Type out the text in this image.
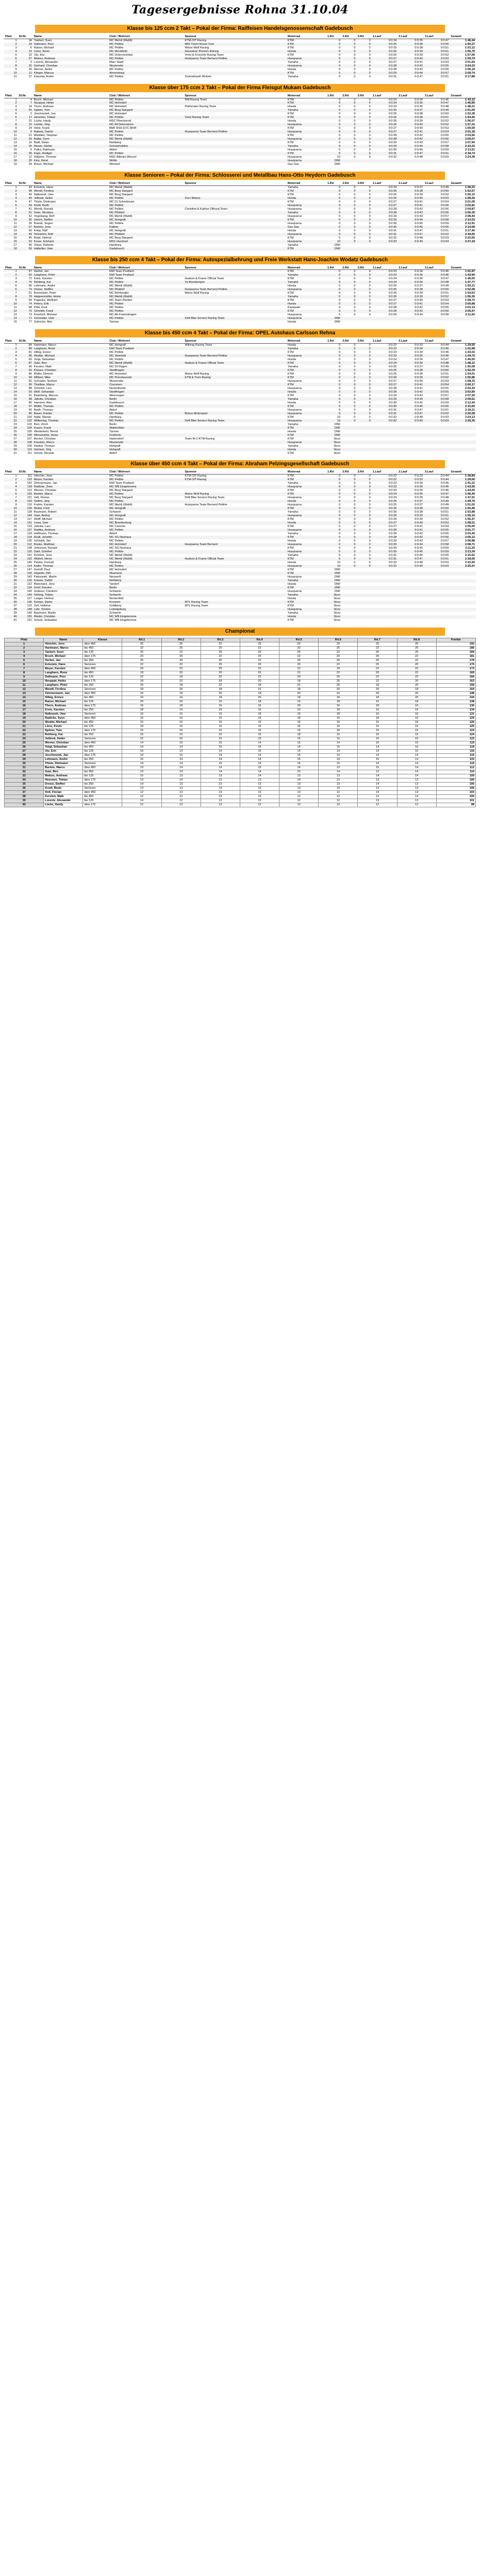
Tagesergebnisse Rohna 31.10.04
Klasse bis 125 ccm 2 Takt – Pokal der Firma: Raiffeisen Handelsgenossenschaft Gadebusch
Platz	St.Nr.	Name	Club / Wohnort	Sponsor	Motorrad	1.Rd	2.Rd	3.Rd	1.Lauf	2.Lauf	3.Lauf	Gesamt
1	34	Taebert, Sven	MC Merkli (Wahlt)	KTM-OIT-Racing	KTM	0	0	0	0:0:24	0:0:35	0:0:47	1:46,44
2	19	Dallmann, Peer	MC Pelitrie	MDI Tisein House Fare	KTM	0	0	0	0:0:25	0:0:38	0:0:50	1:50,37
3	6	Ratzer, Michael	MC Pelitrie	Motos Wolf Racing	KTM	0	0	0	0:0:25	0:0:38	0:0:51	1:53,12
4	13	Lienz, Kevin	MC Mucikleitn	Hansetrac Pomern Racing	Honda	0	0	0	0:0:26	0:0:39	0:0:51	1:55,75
5	22	Utz, Eric	MC Unterveninitat	Vreni & Kroschle Racing Team	KTM	0	0	0	0:0:26	0:0:39	0:0:52	1:57,06
6	27	Mekiss, Andreas	MC Pelitrie	Husqvarna Team Bernerd Pelitrie	Husqvarna	0	0	0	0:0:27	0:0:40	0:0:53	1:59,70
7	3	Lorentz, Alexander	Marx Stadt		Yamaha	0	0	0	0:0:27	0:0:41	0:0:54	2:01,64
8	32	Gerhard, Christian	Wusterwitz		Husqvarna	0	0	0	0:0:28	0:0:42	0:0:55	2:04,33
9	30	Werner, Andre	MC Pelitrie		Honda	0	0	0	0:0:28	0:0:43	0:0:56	2:06,18
10	11	Klinger, Marcus	Ahrensburg		KTM	0	0	0	0:0:29	0:0:44	0:0:57	2:09,74
11	37	Kasunta, André	MC Pelitrie	Zentralmarkt Wolmin	Yamaha	0	0	0	0:0:31	0:0:47	0:0:01	2:17,88
Klasse über 175 ccm 2 Takt – Pokal der Firma Fleisgut Mukam Gadebusch
Platz	St.Nr.	Name	Club / Wohnort	Sponsor	Motorrad	1.Rd	2.Rd	3.Rd	1.Lauf	2.Lauf	3.Lauf	Gesamt
1	4	Bruch, Michael	MC Pelitrie	RM-Racing Team	KTM	0	0	0	0:0:23	0:0:34	0:0:46	1:43,12
2	7	Neuppat, Heiko	MC Hohndorf		KTM	0	0	0	0:0:24	0:0:35	0:0:47	1:46,80
3	14	Thorn, Andreas	MC Hohndorf	Pokhmann Racing Team	Honda	0	0	0	0:0:24	0:0:36	0:0:48	1:48,21
4	25	Spitzer, Tom	MC Burg Stargard		Yamaha	0	0	0	0:0:25	0:0:37	0:0:49	1:51,00
5	2	Jeschonnek, Jan	MC Hohndorf		KTM	0	0	0	0:0:25	0:0:38	0:0:50	1:52,38
6	17	Hessmer, Tobias	MC Pelitrie	Vreni Racing Team	KTM	0	0	0	0:0:26	0:0:38	0:0:51	1:54,45
7	31	Lücke, Hardy	MSC Ploeckerod		Honda	0	0	0	0:0:26	0:0:39	0:0:52	1:56,07
8	15	Lemke, Jörg	MC 84 Dehmstrom		Husqvarna	0	0	0	0:0:26	0:0:40	0:0:52	1:57,31
9	24	Holst, Frank	BMF RSH EVC 8044		KTM	0	0	0	0:0:27	0:0:40	0:0:53	1:59,09
10	9	Raberk, Danilo	MC Pelitrie	Husqvarna Team Bernerd Pelitrie	Husqvarna	0	0	0	0:0:27	0:0:41	0:0:54	2:01,18
11	21	Maddeiz, Stephan	MC Pelitrie		KTM	0	0	0	0:0:28	0:0:42	0:0:55	2:03,66
12	33	Ballat, Sven	MC Merkli (Wahlt)		Husqvarna	0	0	0	0:0:28	0:0:42	0:0:56	2:05,07
13	16	Badt, Dieter	Rethberg		KTM	0	0	0	0:0:29	0:0:43	0:0:57	2:07,90
14	26	Rieser, Stefan	Grevesmühlen		Yamaha	0	0	0	0:0:29	0:0:44	0:0:58	2:10,22
15	5	Pulka, Rakhuzin	Aldorf		Husqvarna	0	0	0	0:0:30	0:0:45	0:0:59	2:13,51
16	36	Kaps, Rüdiger	MC Pelitrie		KTM	5	0	0	0:0:31	0:0:47	0:0:01	2:18,74
17	12	Höfgren, Thomas	MSC Altkrain Wenzel		Husqvarna	10	0	0	0:0:32	0:0:48	0:0:03	2:24,38
18	35	Kinz, René	Wollin		Husqvarna	DNF						
19	29	Braun, Michael	Wentzel		Gas Gas	DNF						
Klasse Senioren – Pokal der Firma: Schlosserei und Metallbau Hans-Otto Heydorn Gadebusch
Platz	St.Nr.	Name	Club / Wohnort	Sponsor	Motorrad	1.Rd	2.Rd	3.Rd	1.Lauf	2.Lauf	3.Lauf	Gesamt
1	43	Eckstein, Hans	MC Merkli (Wahlt)		Yamaha	0	0	0	0:0:24	0:0:37	0:0:49	1:49,22
2	58	Wendt, Ferdina	MC Burg Stargard		KTM	0	0	0	0:0:25	0:0:38	0:0:50	1:52,57
3	46	Nalkowsk, Uwe	MC Burg Stargard		KTM	0	0	0	0:0:26	0:0:39	0:0:52	1:56,10
4	49	Jellinek, Heiko	MC Pelitrie	Zorn Motors	Honda	0	0	0	0:0:26	0:0:40	0:0:53	1:58,36
5	47	Thiele, Dietmann	MC 01 Schmitzsam		KTM	0	0	0	0:0:27	0:0:41	0:0:54	2:01,09
6	54	Knott, Bodo	MC Pelitrie		Husqvarna	0	0	0	0:0:27	0:0:41	0:0:55	2:02,81
7	41	Wendt, Ronald	MC Pelitrie	Christfort & Kathon Offcical Team	Husqvarna	0	0	0	0:0:28	0:0:42	0:0:56	2:04,87
8	51	Seier, Nicolaus	MC Pfoldorf		Yamaha	0	0	0	0:0:28	0:0:43	0:0:56	2:06,30
9	52	Vogelsang, Rolf	MC Merkli (Wahlt)		Husqvarna	0	0	0	0:0:29	0:0:43	0:0:57	2:08,44
10	55	Gleich, Steffen	MC Hohgraft		KTM	0	0	0	0:0:29	0:0:44	0:0:58	2:10,53
11	39	Brandt, Jürgen	MC Pelitrie		Husqvarna	0	0	0	0:0:30	0:0:45	0:0:59	2:12,91
12	57	Bartelo, Jens	Kalbim		Gas Gas	0	0	0	0:0:30	0:0:46	0:0:00	2:14,68
13	60	Kriep, Ralf	MC Hohgraft		Honda	0	0	0	0:0:31	0:0:47	0:0:01	2:17,40
14	44	Schramm, Rolf	MC Pfoldorf		Husqvarna	0	0	0	0:0:31	0:0:47	0:0:02	2:18,92
15	45	Bode, Helmut	MC Burg Stargard		KTM	5	0	0	0:0:32	0:0:48	0:0:03	2:22,65
16	53	Kruse, Eckhard	MSC Hurnhart		Husqvarna	10	0	0	0:0:33	0:0:49	0:0:04	2:27,19
17	40	Ostan, Roberto	Hamburg		Yamaha	DNF						
18	59	Halbritter, Uwe	Gadebusch		KTM	DNF						
Klasse bis 250 ccm 4 Takt – Pokal der Firma: Autospezialbehrung und Freie Werkstatt Hans-Joachim Wodatz Gadebusch
Platz	St.Nr.	Name	Club / Wohnort	Sponsor	Motorrad	1.Rd	2.Rd	3.Rd	1.Lauf	2.Lauf	3.Lauf	Gesamt
1	67	Herbst, Jan	EMI Team Postlach		KTM	0	0	0	0:0:23	0:0:34	0:0:45	1:41,87
2	63	Langhans, Peter	EMI Team Postlach		Yamaha	0	0	0	0:0:23	0:0:35	0:0:46	1:43,90
3	72	Kreis, Karsten	MC Pelitrie	Hudson & Frame Official Team	KTM	0	0	0	0:0:24	0:0:36	0:0:47	1:46,05
4	76	Rehberg, Kai	MC Pelitrie	Vo-Bürokompet	Yamaha	0	0	0	0:0:24	0:0:36	0:0:48	1:47,77
5	65	Lehmann, André	MC Merkli (Wahlt)		Honda	0	0	0	0:0:25	0:0:37	0:0:49	1:50,21
6	70	Dreise, Steffen	MC Pfoldorf	Husqvarna Team Bernerd Pelitrie	Husqvarna	0	0	0	0:0:25	0:0:38	0:0:50	1:52,08
7	61	Burmeister, Peter	MC Rehhergler	Motos Wolf Racing	KTM	0	0	0	0:0:26	0:0:39	0:0:51	1:54,63
8	78	Heppenmüller, Heino	MC Merkli (Wahlt)		Yamaha	0	0	0	0:0:26	0:0:39	0:0:52	1:56,30
9	69	Pagenke, Wolfram	MC Team Planten		KTM	0	0	0	0:0:27	0:0:40	0:0:53	1:58,72
10	74	Peters, Erik	MC Pelitrie		Honda	0	0	0	0:0:27	0:0:41	0:0:54	2:00,88
11	68	Pöhl, Knut	MC Pelitrie		Kawasaki	0	0	0	0:0:28	0:0:42	0:0:55	2:03,14
12	75	Schmidt, Frank	MC Pelitrie		KTM	0	0	0	0:0:28	0:0:43	0:0:56	2:05,47
13	73	Friedrich, Michael	MC Alt-Freienshagen		Husqvarna	5	0	0	0:0:29	0:0:44	0:0:58	2:11,60
14	71	Schneider, Uwe	MC Pelitrie	Drift Bike Service Racing Team	Husqvarna	DNF						
15	77	Gahsche, Ben	Tarnow		Honda	DNF						
Klasse bis 450 ccm 4 Takt – Pokal der Firma: OPEL Autohaus Carlsson Rehna
Platz	St.Nr.	Name	Club / Wohnort	Sponsor	Motorrad	1.Rd	2.Rd	3.Rd	1.Lauf	2.Lauf	3.Lauf	Gesamt
1	84	Hartmann, Marco	MC Hohgraft	Wiktrag Racing Team	Honda	0	0	0	0:0:22	0:0:33	0:0:44	1:39,55
2	89	Langhans, Rene	EMI Team Postlach		Yamaha	0	0	0	0:0:23	0:0:34	0:0:45	1:41,98
3	81	Hilbig, Enrico	MC Pelitrie		KTM	0	0	0	0:0:23	0:0:34	0:0:46	1:43,02
4	96	Wodde, Michael	MC Steinfeld	Husqvarna Team Bernerd Pelitrie	Husqvarna	0	0	0	0:0:23	0:0:35	0:0:46	1:44,70
5	83	Voigt, Sebastian	MC Pelitrie		Honda	0	0	0	0:0:24	0:0:36	0:0:47	1:46,55
6	87	Gatz, Ben	MC Merkli (Wahlt)	Hudson & Frame Official Team	KTM	0	0	0	0:0:24	0:0:36	0:0:48	1:48,12
7	99	Kersten, Maik	MC 03 Rügen		Yamaha	0	0	0	0:0:25	0:0:37	0:0:49	1:50,08
8	92	Krause, Christian	Stadtfragen		KTM	0	0	0	0:0:25	0:0:38	0:0:50	1:52,29
9	86	Müller, Dietrich	MC Hohndorf	Motos Wolf Racing	KTM	0	0	0	0:0:26	0:0:38	0:0:51	1:54,01
10	94	Wilbert, Mike	MC Prenzlauerstr	KTM & Trem Racing	KTM	0	0	0	0:0:26	0:0:39	0:0:52	1:55,86
11	82	Schrader, Norbert	Wusterwitz		Husqvarna	0	0	0	0:0:27	0:0:40	0:0:53	1:58,33
12	95	Thielbier, Marco	Cremmen		KTM	0	0	0	0:0:27	0:0:41	0:0:54	2:00,17
13	88	Schmidt, Lars	Nustertheide		Husqvarna	0	0	0	0:0:28	0:0:41	0:0:55	2:02,44
14	93	Wolf, Sebastian	Stadtfragen		Honda	0	0	0	0:0:28	0:0:42	0:0:55	2:03,90
15	91	Bisterberg, Marcus	Weirrungen		KTM	0	0	0	0:0:29	0:0:43	0:0:57	2:07,26
16	98	Jakobs, Christian	Berlin		Yamaha	0	0	0	0:0:29	0:0:44	0:0:58	2:09,61
17	85	Hammer, Alex	Gadebusch		Honda	0	0	0	0:0:30	0:0:45	0:0:59	2:12,44
18	97	Möller, Thomas	MC Pelitrie		KTM	5	0	0	0:0:30	0:0:46	0:0:00	2:15,50
19	90	Barth, Thomas	Aldorf		Husqvarna	5	0	0	0:0:31	0:0:47	0:0:01	2:18,21
20	80	Bauer, Frieder	MC Pelitrie	Bohus Motorsport	Husqvarna	5	0	0	0:0:31	0:0:47	0:0:02	2:20,08
21	100	Nolte, Marian	Hamburg		KTM	10	0	0	0:0:32	0:0:48	0:0:03	2:24,13
22	102	Wilkening, Thomas	MC Pelitrie	Drift Bike Service Racing Team	Husqvarna	10	0	0	0:0:32	0:0:49	0:0:04	2:26,35
23	103	Bert, Ulrich	Berlin		Yamaha	DNF						
24	104	Kunze, Frank	Wallmühlen		KTM	DNF						
25	105	Wiederkehr, Bernd	Tarnow		Honda	DNF						
26	106	Wiersmehtz, Heinz	Grübmitz		KTM	DNF						
27	107	Becker, Christian	Hadersdorf	Team Bi-2-KTM Racing	KTM	Sturz						
28	108	Kreutzer, Marco	Wusterwitz		Husqvarna	Sturz						
29	109	Haskai, Thomas	Hohgraft		Yamaha	Sturz						
30	110	Gerlach, Jörg	Hohgraft		Honda	Sturz						
31	111	Scholz, Ricardo	Aldorf		KTM	Sturz						
Klasse über 450 ccm 4 Takt – Pokal der Firma: Abraham Pelzingsgesellschaft Gadebusch
Platz	St.Nr.	Name	Club / Wohnort	Sponsor	Motorrad	1.Rd	2.Rd	3.Rd	1.Lauf	2.Lauf	3.Lauf	Gesamt
1	111	Hönchin, Jens	MC Pelitrie	KTM-OIT-Racing	KTM	0	0	0	0:0:22	0:0:33	0:0:44	1:38,84
2	123	Meyer, Karsten	MC Pelitrie	KTM-OIT-Racing	KTM	0	0	0	0:0:22	0:0:33	0:0:44	1:39,60
3	142	Zimmermann, Jan	EMI Team Postlach		Yamaha	0	0	0	0:0:23	0:0:34	0:0:45	1:41,22
4	118	Radtcke, Sven	MC WB Eingeborene		Husqvarna	0	0	0	0:0:23	0:0:35	0:0:46	1:43,56
5	113	Werner, Christian	MC Burg Stargard		KTM	0	0	0	0:0:23	0:0:35	0:0:46	1:44,09
6	126	Bartels, Marco	MC Pelitrie	Motos Wolf Racing	KTM	0	0	0	0:0:24	0:0:36	0:0:47	1:46,40
7	121	Holl, Florian	MC Burg Stargard	Drift Bike Service Racing Team	Husqvarna	0	0	0	0:0:24	0:0:36	0:0:48	1:47,91
8	133	Seifert, Jörg	MC Pelitrie		Honda	0	0	0	0:0:25	0:0:37	0:0:49	1:49,76
9	116	Frahm, Karsten	MC Merkli (Wahlt)	Husqvarna Team Bernerd Pelitrie	Husqvarna	0	0	0	0:0:25	0:0:37	0:0:49	1:51,02
10	139	Mebel, Fred	MC Hohgraft		KTM	0	0	0	0:0:25	0:0:38	0:0:50	1:52,45
11	128	Baumann, Robert	Schwerin		Yamaha	0	0	0	0:0:26	0:0:38	0:0:51	1:53,88
12	144	Gast, Andrej	MC Hohgraft		Husqvarna	0	0	0	0:0:26	0:0:39	0:0:51	1:55,10
13	117	Wolff, Michael	MC Pelitrie		KTM	0	0	0	0:0:26	0:0:39	0:0:52	1:56,47
14	131	Lewa, Uwe	MC Brandenburg		Honda	0	0	0	0:0:27	0:0:40	0:0:53	1:58,21
15	119	Jahnke, Lars	MC Cammin		KTM	0	0	0	0:0:27	0:0:41	0:0:54	2:00,05
16	137	Radtke, Andreas	MC Pelitrie		Husqvarna	0	0	0	0:0:28	0:0:41	0:0:55	2:01,77
17	129	Hoffmann, Thomas	Aldorf		Yamaha	0	0	0	0:0:28	0:0:42	0:0:55	2:03,40
18	124	Ryall, Jennifer	MC SG Neuhaus		KTM	0	0	0	0:0:28	0:0:43	0:0:56	2:05,12
19	135	Schmidt, Jan	MC Pelitrie		Honda	0	0	0	0:0:29	0:0:43	0:0:57	2:06,88
20	112	Boske, Matthias	MC Hohndorf	Husqvarna Team Bernerd	Husqvarna	0	0	0	0:0:29	0:0:44	0:0:58	2:08,71
21	138	Johnsson, Ronald	MC SG Neuhaus		KTM	0	0	0	0:0:30	0:0:45	0:0:59	2:11,20
22	120	Dahl, Günther	MC Pelitrie		Husqvarna	5	0	0	0:0:30	0:0:45	0:0:59	2:13,34
23	141	Fichtner, Jens	MC Merkli (Wahlt)		Yamaha	5	0	0	0:0:31	0:0:46	0:0:00	2:15,62
24	125	Wollert, Heinz	MC Merkli (Wahlt)	Hudson & Frame Official Team	KTM	5	0	0	0:0:31	0:0:47	0:0:01	2:18,05
25	146	Petzke, Konrad	Hamburg		Honda	10	0	0	0:0:32	0:0:48	0:0:03	2:22,90
26	114	Keller, Thomas	MC Pelitrie		Husqvarna	10	0	0	0:0:32	0:0:49	0:0:04	2:25,47
27	147	Gerloff, Paul	MC Hohndorf		KTM	DNF						
28	130	Hogrefe, Dirk	Wustrand		KTM	DNF						
29	143	Pietrowski, Martin	Neuwerft		Husqvarna	DNF						
30	132	Krause, Detlef	Rethberg		Yamaha	DNF						
31	122	Blanchard, Jens	Tandorf		Honda	DNF						
32	134	Greif, Karsten	Berlin		KTM	DNF						
33	140	Grübner, Friedrich	Schwerin		Husqvarna	DNF						
34	145	Getting, Tobias	Schwerin		Yamaha	Sturz						
35	127	Langer, Helmut	Nordenfeld		Honda	Sturz						
36	136	Kempe, Dieter	Kronsert	MTL Racing Team	KTM	Sturz						
37	115	Zell, Volkmar	Goldberg	MTL Racing Team	KTM	Sturz						
38	148	Lahr, Torsten	Ludwigsburg		Husqvarna	Sturz						
39	149	Baumann, Martin	Schwerin		Yamaha	Sturz						
40	150	Riedel, Christian	MC WB Eingeborene		Honda	Sturz						
41	151	Schulz, Sebastian	MC WB Eingeborene		KTM	Sturz						
Championat
Platz	Name	Klasse	Rd.1	Rd.2	Rd.3	Rd.4	Rd.5	Rd.6	Rd.7	Rd.8	Punkte
1	Hönchin, Jens	über 450	25	25	22	25	25	20	25	25	192
2	Hartmann, Marco	bis 450	22	25	25	22	20	25	22	25	186
3	Taebert, Sven	bis 125	25	22	25	20	25	22	20	25	184
4	Bruch, Michael	über 175	20	25	22	25	22	20	25	22	181
5	Herbst, Jan	bis 250	25	20	20	22	25	25	20	22	179
6	Eckstein, Hans	Senioren	22	22	25	20	20	22	25	20	176
7	Meyer, Karsten	über 450	20	22	25	22	22	18	22	22	173
8	Langhans, Rene	bis 450	18	20	20	25	22	22	20	22	169
9	Dallmann, Peer	bis 125	22	18	20	22	20	20	22	22	166
10	Neuppat, Heiko	über 175	18	22	18	20	18	25	22	20	163
11	Langhans, Peter	bis 250	20	18	22	18	22	20	18	20	158
12	Wendt, Ferdina	Senioren	18	20	18	22	18	20	20	18	154
13	Zimmermann, Jan	über 450	16	18	20	18	20	16	20	20	148
14	Hilbig, Enrico	bis 450	16	16	18	20	18	18	18	20	144
15	Ratzer, Michael	bis 125	20	16	16	18	16	18	16	18	138
16	Thorn, Andreas	über 175	16	18	16	16	20	16	18	16	136
17	Kreis, Karsten	bis 250	18	16	18	16	16	18	16	16	134
18	Nalkowsk, Uwe	Senioren	16	15	16	18	16	18	16	16	131
19	Radtcke, Sven	über 450	15	16	15	16	18	15	18	16	129
20	Wodde, Michael	bis 450	15	15	16	15	16	16	15	18	126
21	Lienz, Kevin	bis 125	18	15	15	16	15	15	15	16	125
22	Spitzer, Tom	über 175	15	16	15	15	15	18	15	15	124
23	Rehberg, Kai	bis 250	16	15	15	15	18	15	15	15	124
24	Jellinek, Heiko	Senioren	15	16	15	15	15	16	15	15	122
25	Werner, Christian	über 450	14	15	16	14	15	14	16	15	119
26	Voigt, Sebastian	bis 450	14	14	15	16	14	15	14	16	118
27	Utz, Eric	bis 125	16	14	14	15	14	14	14	15	116
28	Jeschonnek, Jan	über 175	14	15	14	14	16	14	14	14	115
29	Lehmann, André	bis 250	15	14	14	14	15	14	15	14	115
30	Thiele, Dietmann	Senioren	14	14	16	14	14	15	14	14	115
31	Bartels, Marco	über 450	13	14	14	15	14	13	15	14	112
32	Gatz, Ben	bis 450	13	13	14	14	15	14	13	14	110
33	Mekiss, Andreas	bis 125	15	13	13	14	13	13	14	14	109
34	Hessmer, Tobias	über 175	13	14	13	13	14	13	13	13	106
35	Dreise, Steffen	bis 250	14	13	13	13	13	13	14	13	106
36	Knott, Bodo	Senioren	13	13	14	13	13	14	13	13	106
37	Holl, Florian	über 450	12	13	13	13	13	12	14	13	103
38	Kersten, Maik	bis 450	12	12	13	13	12	13	12	13	100
39	Lorentz, Alexander	bis 125	14	12	12	13	12	12	13	13	101
40	Lücke, Hardy	über 175	12	13	12	12	13	12	12	12	98
